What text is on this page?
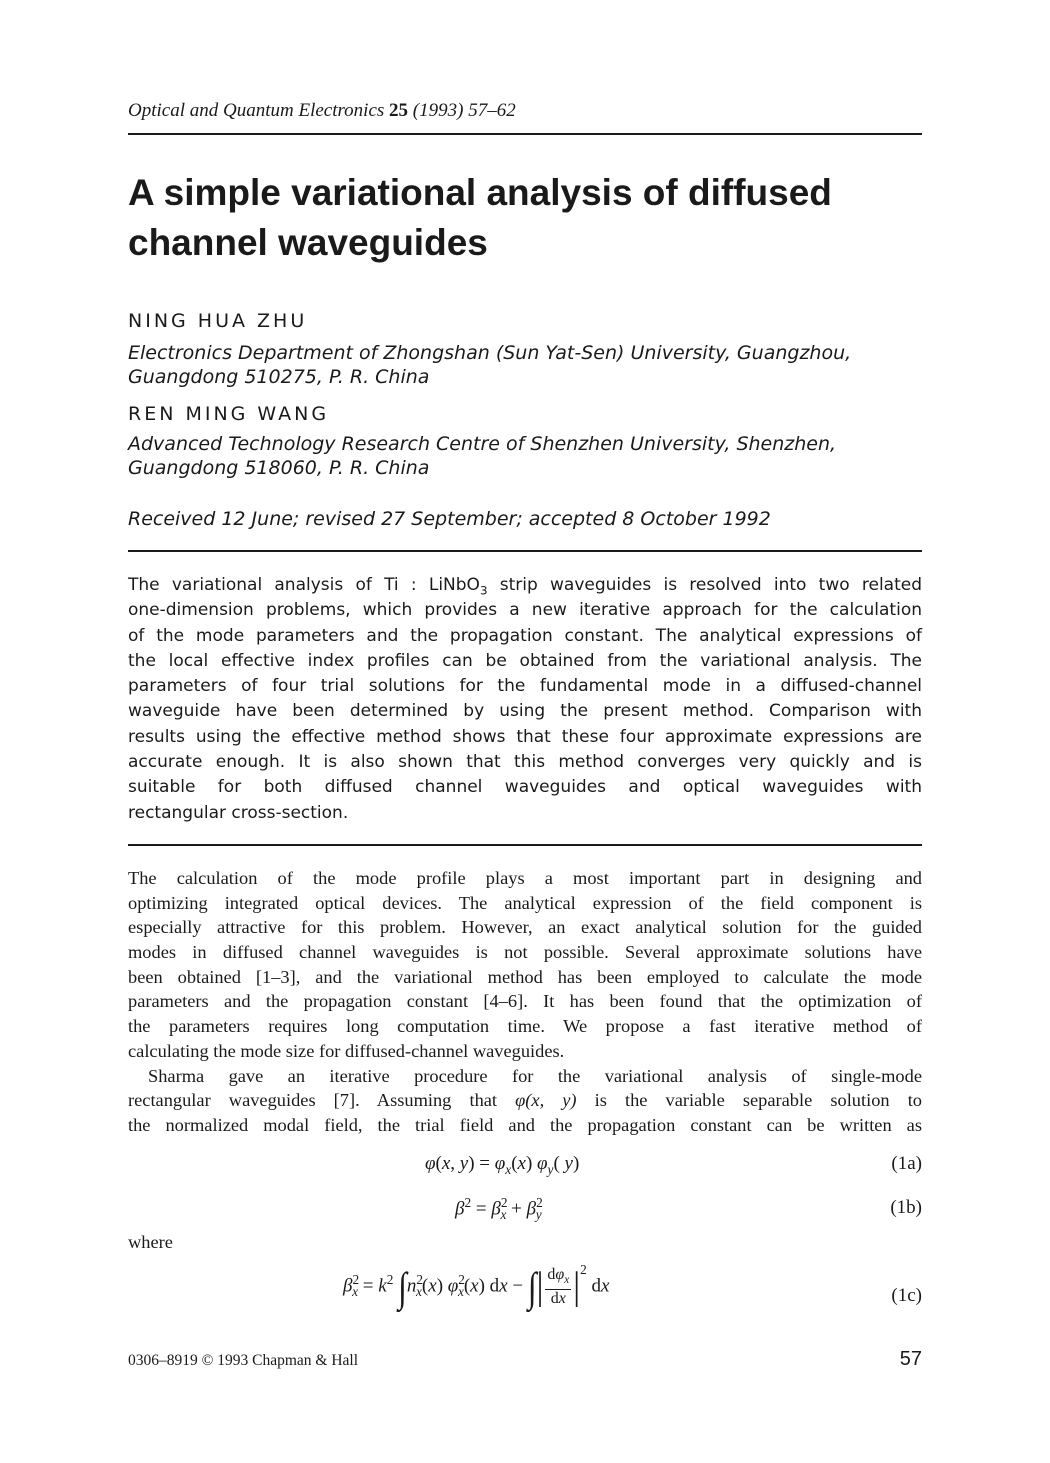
Optical and Quantum Electronics 25 (1993) 57–62
A simple variational analysis of diffused
channel waveguides
NING HUA ZHU
Electronics Department of Zhongshan (Sun Yat-Sen) University, Guangzhou,
Guangdong 510275, P. R. China
REN MING WANG
Advanced Technology Research Centre of Shenzhen University, Shenzhen,
Guangdong 518060, P. R. China
Received 12 June; revised 27 September; accepted 8 October 1992
The variational analysis of Ti : LiNbO$_3$ strip waveguides is resolved into two related
one-dimension problems, which provides a new iterative approach for the calculation
of the mode parameters and the propagation constant. The analytical expressions of
the local effective index profiles can be obtained from the variational analysis. The
parameters of four trial solutions for the fundamental mode in a diffused-channel
waveguide have been determined by using the present method. Comparison with
results using the effective method shows that these four approximate expressions are
accurate enough. It is also shown that this method converges very quickly and is
suitable for both diffused channel waveguides and optical waveguides with
rectangular cross-section.
The calculation of the mode profile plays a most important part in designing and
optimizing integrated optical devices. The analytical expression of the field component is
especially attractive for this problem. However, an exact analytical solution for the guided
modes in diffused channel waveguides is not possible. Several approximate solutions have
been obtained [1–3], and the variational method has been employed to calculate the mode
parameters and the propagation constant [4–6]. It has been found that the optimization of
the parameters requires long computation time. We propose a fast iterative method of
calculating the mode size for diffused-channel waveguides.
Sharma gave an iterative procedure for the variational analysis of single-mode
rectangular waveguides [7]. Assuming that φ(x, y) is the variable separable solution to
the normalized modal field, the trial field and the propagation constant can be written as
φ(x, $y) = \varphi_x(x)$ $\varphi_y$( y)	(1a)
$\beta^2 = \beta^2_x + \beta^2_y$	(1b)
where
$\beta^2_x = k^2$ $\int n^2_x(x)$ $\varphi^2_x(x)$ dx − ∫| $\frac{d\varphi_x}{dx} |^2$ dx	(1c)
0306–8919 © 1993 Chapman & Hall	57
